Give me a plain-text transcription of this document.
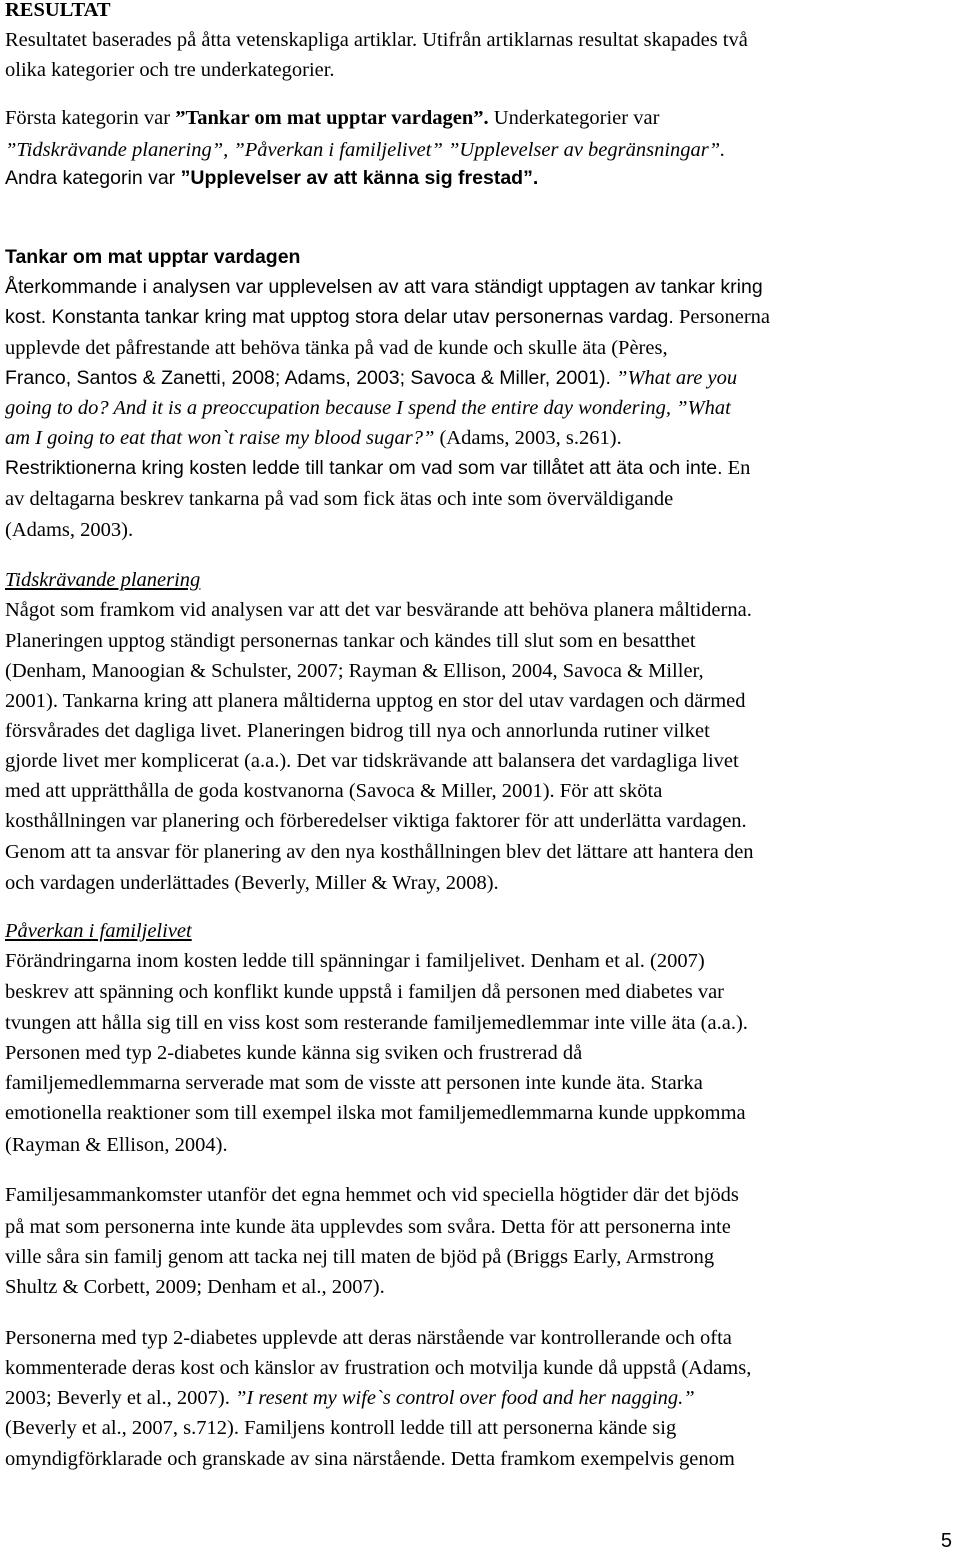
RESULTAT
Resultatet baserades på åtta vetenskapliga artiklar. Utifrån artiklarnas resultat skapades två
olika kategorier och tre underkategorier.
Första kategorin var ”Tankar om mat upptar vardagen”. Underkategorier var
”Tidskrävande planering”, ”Påverkan i familjelivet” ”Upplevelser av begränsningar”.
Andra kategorin var ”Upplevelser av att känna sig frestad”.
Tankar om mat upptar vardagen
Återkommande i analysen var upplevelsen av att vara ständigt upptagen av tankar kring
kost. Konstanta tankar kring mat upptog stora delar utav personernas vardag. Personerna
upplevde det påfrestande att behöva tänka på vad de kunde och skulle äta (Pères,
Franco, Santos & Zanetti, 2008; Adams, 2003; Savoca & Miller, 2001). ”What are you
going to do? And it is a preoccupation because I spend the entire day wondering, ”What
am I going to eat that won`t raise my blood sugar?” (Adams, 2003, s.261).
Restriktionerna kring kosten ledde till tankar om vad som var tillåtet att äta och inte. En
av deltagarna beskrev tankarna på vad som fick ätas och inte som överväldigande
(Adams, 2003).
Tidskrävande planering
Något som framkom vid analysen var att det var besvärande att behöva planera måltiderna.
Planeringen upptog ständigt personernas tankar och kändes till slut som en besatthet
(Denham, Manoogian & Schulster, 2007; Rayman & Ellison, 2004, Savoca & Miller,
2001). Tankarna kring att planera måltiderna upptog en stor del utav vardagen och därmed
försvårades det dagliga livet. Planeringen bidrog till nya och annorlunda rutiner vilket
gjorde livet mer komplicerat (a.a.). Det var tidskrävande att balansera det vardagliga livet
med att upprätthålla de goda kostvanorna (Savoca & Miller, 2001). För att sköta
kosthållningen var planering och förberedelser viktiga faktorer för att underlätta vardagen.
Genom att ta ansvar för planering av den nya kosthållningen blev det lättare att hantera den
och vardagen underlättades (Beverly, Miller & Wray, 2008).
Påverkan i familjelivet
Förändringarna inom kosten ledde till spänningar i familjelivet. Denham et al. (2007)
beskrev att spänning och konflikt kunde uppstå i familjen då personen med diabetes var
tvungen att hålla sig till en viss kost som resterande familjemedlemmar inte ville äta (a.a.).
Personen med typ 2-diabetes kunde känna sig sviken och frustrerad då
familjemedlemmarna serverade mat som de visste att personen inte kunde äta. Starka
emotionella reaktioner som till exempel ilska mot familjemedlemmarna kunde uppkomma
(Rayman & Ellison, 2004).
Familjesammankomster utanför det egna hemmet och vid speciella högtider där det bjöds
på mat som personerna inte kunde äta upplevdes som svåra. Detta för att personerna inte
ville såra sin familj genom att tacka nej till maten de bjöd på (Briggs Early, Armstrong
Shultz & Corbett, 2009; Denham et al., 2007).
Personerna med typ 2-diabetes upplevde att deras närstående var kontrollerande och ofta
kommenterade deras kost och känslor av frustration och motvilja kunde då uppstå (Adams,
2003; Beverly et al., 2007). ”I resent my wife`s control over food and her nagging.”
(Beverly et al., 2007, s.712). Familjens kontroll ledde till att personerna kände sig
omyndigförklarade och granskade av sina närstående. Detta framkom exempelvis genom
5
